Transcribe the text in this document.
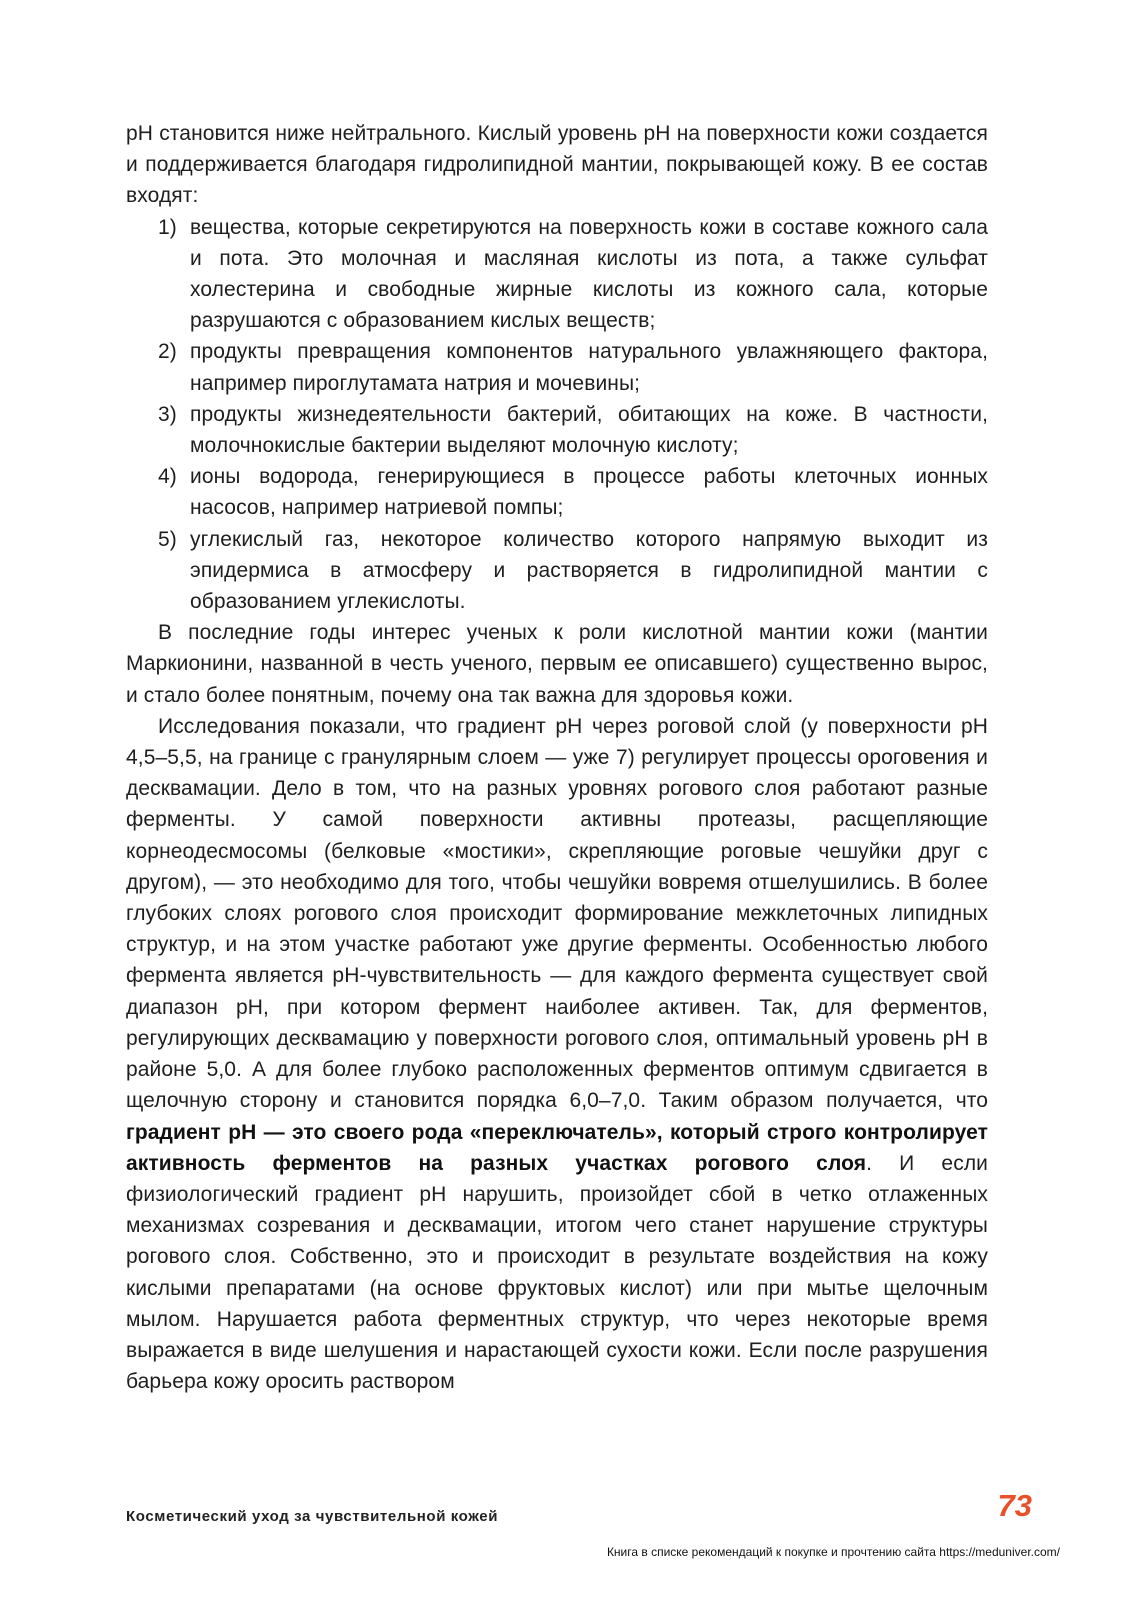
pH становится ниже нейтрального. Кислый уровень pH на поверхности кожи создается и поддерживается благодаря гидролипидной мантии, покрывающей кожу. В ее состав входят:

1) вещества, которые секретируются на поверхность кожи в составе кожного сала и пота. Это молочная и масляная кислоты из пота, а также сульфат холестерина и свободные жирные кислоты из кожного сала, которые разрушаются с образованием кислых веществ;
2) продукты превращения компонентов натурального увлажняющего фактора, например пироглутамата натрия и мочевины;
3) продукты жизнедеятельности бактерий, обитающих на коже. В частности, молочнокислые бактерии выделяют молочную кислоту;
4) ионы водорода, генерирующиеся в процессе работы клеточных ионных насосов, например натриевой помпы;
5) углекислый газ, некоторое количество которого напрямую выходит из эпидермиса в атмосферу и растворяется в гидролипидной мантии с образованием углекислоты.

В последние годы интерес ученых к роли кислотной мантии кожи (мантии Маркионини, названной в честь ученого, первым ее описавшего) существенно вырос, и стало более понятным, почему она так важна для здоровья кожи.

Исследования показали, что градиент pH через роговой слой (у поверхности pH 4,5–5,5, на границе с гранулярным слоем — уже 7) регулирует процессы ороговения и десквамации. Дело в том, что на разных уровнях рогового слоя работают разные ферменты. У самой поверхности активны протеазы, расщепляющие корнеодесмосомы (белковые «мостики», скрепляющие роговые чешуйки друг с другом), — это необходимо для того, чтобы чешуйки вовремя отшелушились. В более глубоких слоях рогового слоя происходит формирование межклеточных липидных структур, и на этом участке работают уже другие ферменты. Особенностью любого фермента является pH-чувствительность — для каждого фермента существует свой диапазон pH, при котором фермент наиболее активен. Так, для ферментов, регулирующих десквамацию у поверхности рогового слоя, оптимальный уровень pH в районе 5,0. А для более глубоко расположенных ферментов оптимум сдвигается в щелочную сторону и становится порядка 6,0–7,0. Таким образом получается, что градиент pH — это своего рода «переключатель», который строго контролирует активность ферментов на разных участках рогового слоя. И если физиологический градиент pH нарушить, произойдет сбой в четко отлаженных механизмах созревания и десквамации, итогом чего станет нарушение структуры рогового слоя. Собственно, это и происходит в результате воздействия на кожу кислыми препаратами (на основе фруктовых кислот) или при мытье щелочным мылом. Нарушается работа ферментных структур, что через некоторые время выражается в виде шелушения и нарастающей сухости кожи. Если после разрушения барьера кожу оросить раствором

Косметический уход за чувствительной кожей	73
Книга в списке рекомендаций к покупке и прочтению сайта https://meduniver.com/
